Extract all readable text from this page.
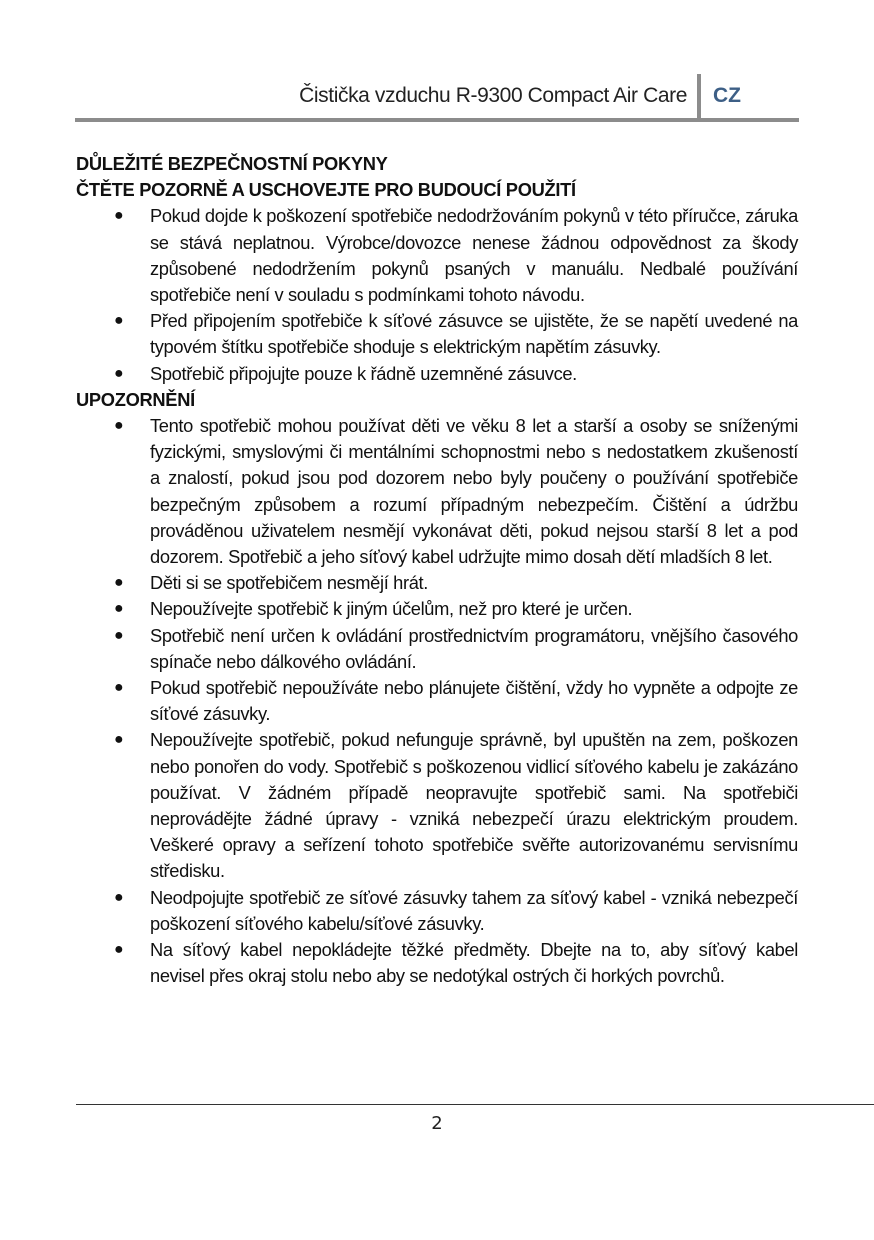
Čistička vzduchu R-9300 Compact Air Care CZ
DŮLEŽITÉ BEZPEČNOSTNÍ POKYNY
ČTĚTE POZORNĚ A USCHOVEJTE PRO BUDOUCÍ POUŽITÍ
● Pokud dojde k poškození spotřebiče nedodržováním pokynů v této příručce, záruka se stává neplatnou. Výrobce/dovozce nenese žádnou odpovědnost za škody způsobené nedodržením pokynů psaných v manuálu. Nedbalé používání spotřebiče není v souladu s podmínkami tohoto návodu.
● Před připojením spotřebiče k síťové zásuvce se ujistěte, že se napětí uvedené na typovém štítku spotřebiče shoduje s elektrickým napětím zásuvky.
● Spotřebič připojujte pouze k řádně uzemněné zásuvce.
UPOZORNĚNÍ
● Tento spotřebič mohou používat děti ve věku 8 let a starší a osoby se sníženými fyzickými, smyslovými či mentálními schopnostmi nebo s nedostatkem zkušeností a znalostí, pokud jsou pod dozorem nebo byly poučeny o používání spotřebiče bezpečným způsobem a rozumí případným nebezpečím. Čištění a údržbu prováděnou uživatelem nesmějí vykonávat děti, pokud nejsou starší 8 let a pod dozorem. Spotřebič a jeho síťový kabel udržujte mimo dosah dětí mladších 8 let.
● Děti si se spotřebičem nesmějí hrát.
● Nepoužívejte spotřebič k jiným účelům, než pro které je určen.
● Spotřebič není určen k ovládání prostřednictvím programátoru, vnějšího časového spínače nebo dálkového ovládání.
● Pokud spotřebič nepoužíváte nebo plánujete čištění, vždy ho vypněte a odpojte ze síťové zásuvky.
● Nepoužívejte spotřebič, pokud nefunguje správně, byl upuštěn na zem, poškozen nebo ponořen do vody. Spotřebič s poškozenou vidlicí síťového kabelu je zakázáno používat. V žádném případě neopravujte spotřebič sami. Na spotřebiči neprovádějte žádné úpravy - vzniká nebezpečí úrazu elektrickým proudem. Veškeré opravy a seřízení tohoto spotřebiče svěřte autorizovanému servisnímu středisku.
● Neodpojujte spotřebič ze síťové zásuvky tahem za síťový kabel - vzniká nebezpečí poškození síťového kabelu/síťové zásuvky.
● Na síťový kabel nepokládejte těžké předměty. Dbejte na to, aby síťový kabel nevisel přes okraj stolu nebo aby se nedotýkal ostrých či horkých povrchů.
2
